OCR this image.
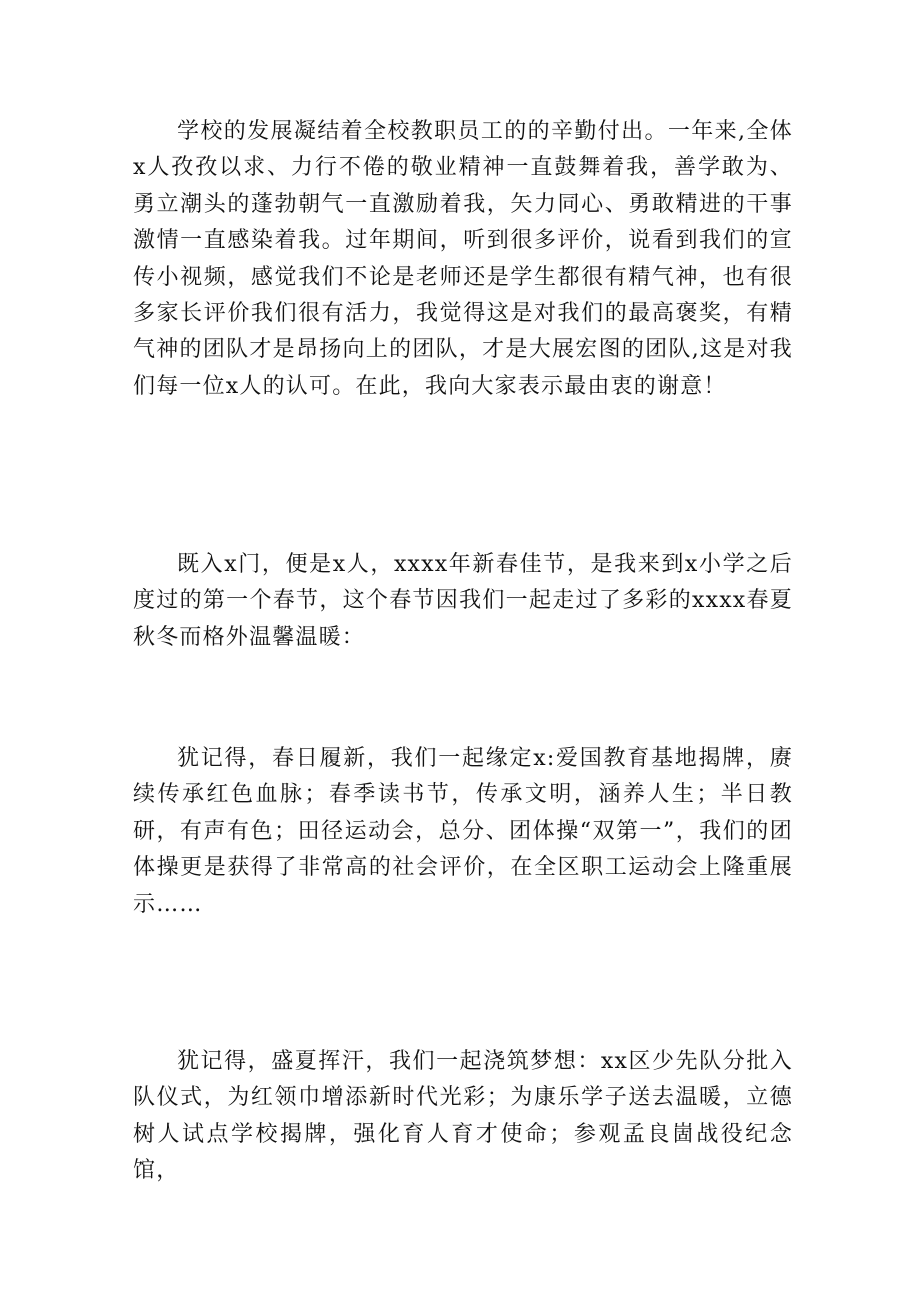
学校的发展凝结着全校教职员工的的辛勤付出。一年来,全体x人孜孜以求、力行不倦的敬业精神一直鼓舞着我，善学敢为、勇立潮头的蓬勃朝气一直激励着我，矢力同心、勇敢精进的干事激情一直感染着我。过年期间，听到很多评价，说看到我们的宣传小视频，感觉我们不论是老师还是学生都很有精气神，也有很多家长评价我们很有活力，我觉得这是对我们的最高褒奖，有精气神的团队才是昂扬向上的团队，才是大展宏图的团队,这是对我们每一位x人的认可。在此，我向大家表示最由衷的谢意！

既入x门，便是x人，xxxx年新春佳节，是我来到x小学之后度过的第一个春节，这个春节因我们一起走过了多彩的xxxx春夏秋冬而格外温馨温暖：

犹记得，春日履新，我们一起缘定x:爱国教育基地揭牌，赓续传承红色血脉；春季读书节，传承文明，涵养人生；半日教研，有声有色；田径运动会，总分、团体操“双第一”，我们的团体操更是获得了非常高的社会评价，在全区职工运动会上隆重展示……

犹记得，盛夏挥汗，我们一起浇筑梦想：xx区少先队分批入队仪式，为红领巾增添新时代光彩；为康乐学子送去温暖，立德树人试点学校揭牌，强化育人育才使命；参观孟良崮战役纪念馆，
